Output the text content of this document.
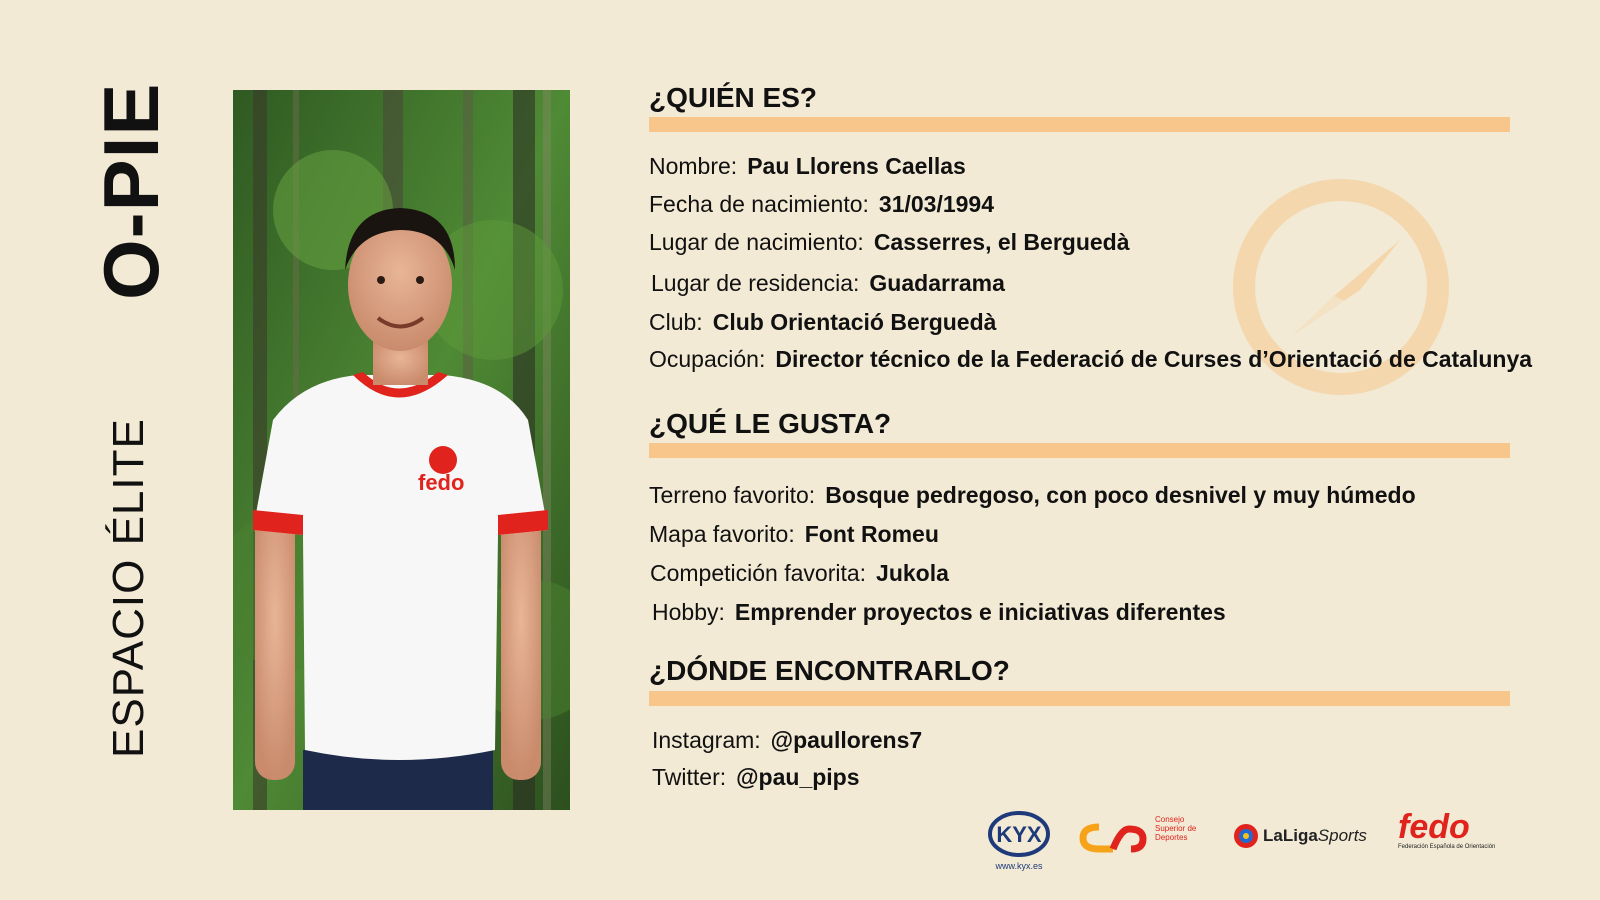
O-PIE
ESPACIO ÉLITE	fedo
¿QUIÉN ES?
Nombre: Pau Llorens Caellas
Fecha de nacimiento: 31/03/1994
Lugar de nacimiento: Casserres, el Berguedà
Lugar de residencia: Guadarrama
Club: Club Orientació Berguedà
Ocupación: Director técnico de la Federació de Curses d’Orientació de Catalunya
¿QUÉ LE GUSTA?
Terreno favorito: Bosque pedregoso, con poco desnivel y muy húmedo
Mapa favorito: Font Romeu
Competición favorita: Jukola
Hobby: Emprender proyectos e iniciativas diferentes
¿DÓNDE ENCONTRARLO?
Instagram: @paullorens7
Twitter: @pau_pips
KYX
www.kyx.es
Consejo Superior de Deportes	LaLiga Sports fedo
Federación Española de Orientación
